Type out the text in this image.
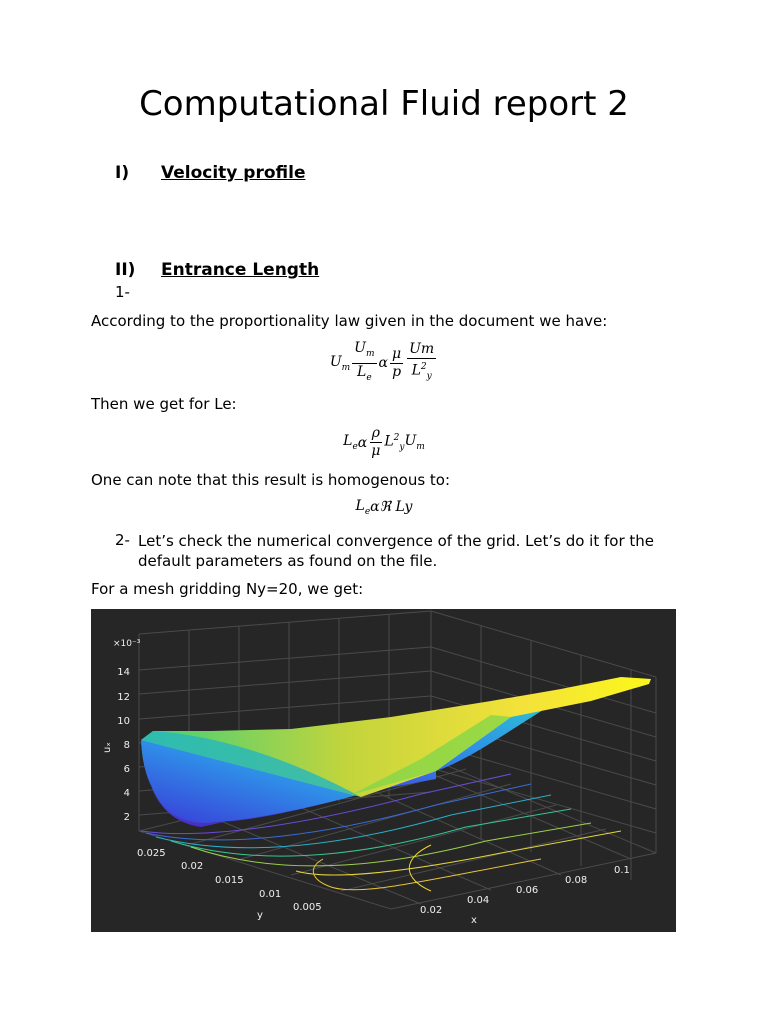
Computational Fluid report 2
I) Velocity profile
II) Entrance Length
1-
According to the proportionality law given in the document we have:
$U_m \frac{U_m}{L_e}$ α $\frac{\mu}{p} \frac{Um}{L^2_y}$
Then we get for Le:
$L_e$ α $\frac{\rho}{\mu} L^2_y$ $U_m$
One can note that this result is homogenous to:
$L_e$ α ℜ
Ly
2- Let’s check the numerical convergence of the grid. Let’s do it for the default parameters as found on the file.
For a mesh gridding Ny=20, we get:
×10⁻³
uₓ
14
12
10
8
6
4
2
0.025
0.02
0.015
0.01
0.005
y	0.02
0.04
0.06
0.08
0.1
x
